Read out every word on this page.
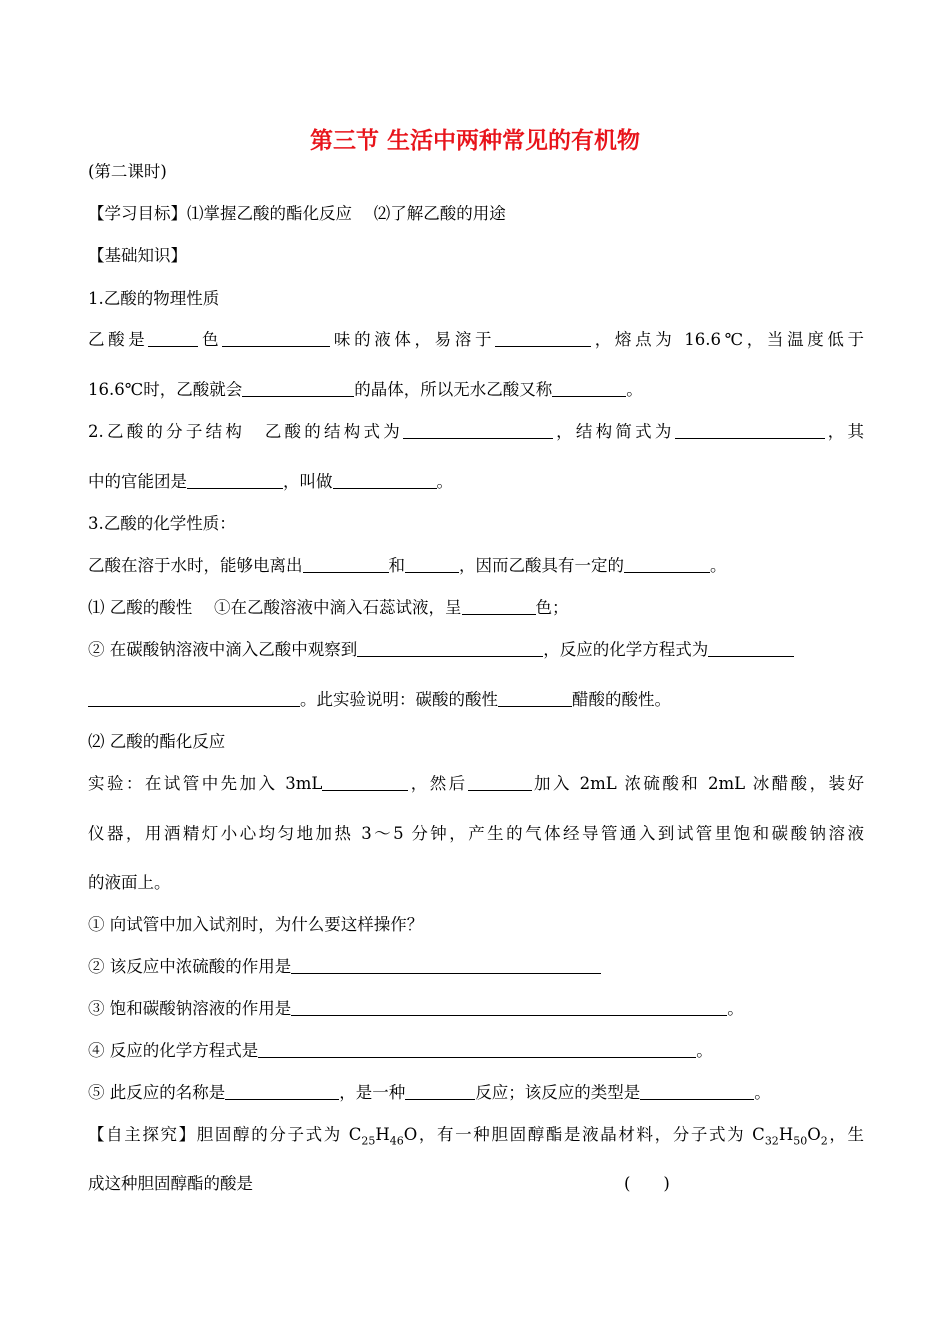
第三节 生活中两种常见的有机物
(第二课时)
【学习目标】⑴掌握乙酸的酯化反应　 ⑵了解乙酸的用途
【基础知识】
1.乙酸的物理性质
乙酸是	色	味的液体，易溶于	，熔点为 16.6℃，当温度低于
16.6℃时，乙酸就会	的晶体，所以无水乙酸又称	。
2.乙酸的分子结构　乙酸的结构式为	，结构简式为	，其
中的官能团是	，叫做	。
3.乙酸的化学性质：
乙酸在溶于水时，能够电离出	和	，因而乙酸具有一定的	。
⑴ 乙酸的酸性　 ①在乙酸溶液中滴入石蕊试液，呈	色；
② 在碳酸钠溶液中滴入乙酸中观察到	，反应的化学方程式为
。此实验说明：碳酸的酸性	醋酸的酸性。
⑵ 乙酸的酯化反应
实验：在试管中先加入 3mL	，然后	加入 2mL 浓硫酸和 2mL 冰醋酸，装好
仪器，用酒精灯小心均匀地加热 3～5 分钟，产生的气体经导管通入到试管里饱和碳酸钠溶液
的液面上。
① 向试管中加入试剂时，为什么要这样操作？
② 该反应中浓硫酸的作用是
③ 饱和碳酸钠溶液的作用是	。
④ 反应的化学方程式是	。
⑤ 此反应的名称是	，是一种	反应；该反应的类型是	。
【自主探究】胆固醇的分子式为 $C_{25}H_{46}O$，有一种胆固醇酯是液晶材料，分子式为 $C_{32}H_{50}O_2$，生
成这种胆固醇酯的酸是	(　　)
